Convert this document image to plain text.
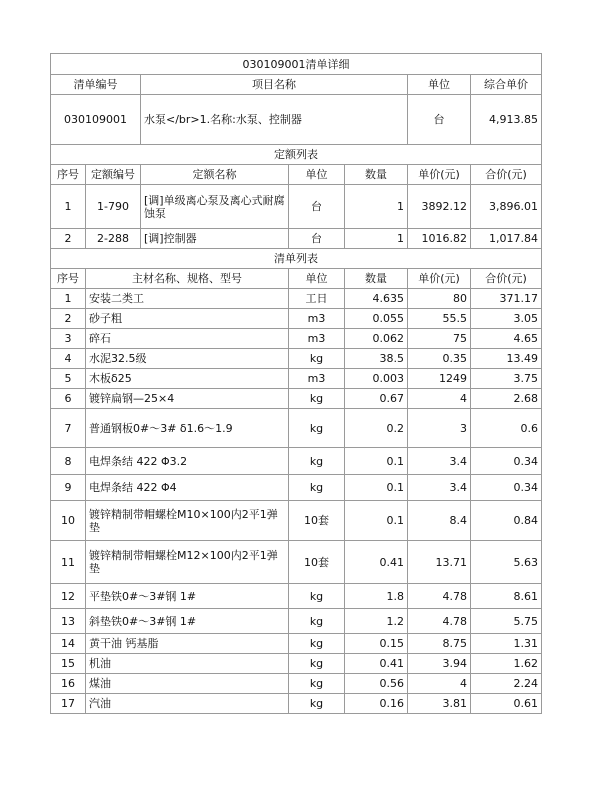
030109001清单详细						
清单编号		项目名称			单位	综合单价
030109001		水泵</br>1.名称:水泵、控制器			台	4,913.85
定额列表						
序号	定额编号	定额名称	单位	数量	单价(元)	合价(元)
1	1-790	[调]单级离心泵及离心式耐腐蚀泵	台	1	3892.12	3,896.01
2	2-288	[调]控制器	台	1	1016.82	1,017.84
清单列表						
序号	主材名称、规格、型号		单位	数量	单价(元)	合价(元)
1	安装二类工		工日	4.635	80	371.17
2	砂子粗		m3	0.055	55.5	3.05
3	碎石		m3	0.062	75	4.65
4	水泥32.5级		kg	38.5	0.35	13.49
5	木板δ25		m3	0.003	1249	3.75
6	镀锌扁钢—25×4		kg	0.67	4	2.68
7	普通钢板0#～3# δ1.6～1.9		kg	0.2	3	0.6
8	电焊条结 422 Φ3.2		kg	0.1	3.4	0.34
9	电焊条结 422 Φ4		kg	0.1	3.4	0.34
10	镀锌精制带帽螺栓M10×100内2平1弹垫		10套	0.1	8.4	0.84
11	镀锌精制带帽螺栓M12×100内2平1弹垫		10套	0.41	13.71	5.63
12	平垫铁0#～3#钢 1#		kg	1.8	4.78	8.61
13	斜垫铁0#～3#钢 1#		kg	1.2	4.78	5.75
14	黄干油 钙基脂		kg	0.15	8.75	1.31
15	机油		kg	0.41	3.94	1.62
16	煤油		kg	0.56	4	2.24
17	汽油		kg	0.16	3.81	0.61
